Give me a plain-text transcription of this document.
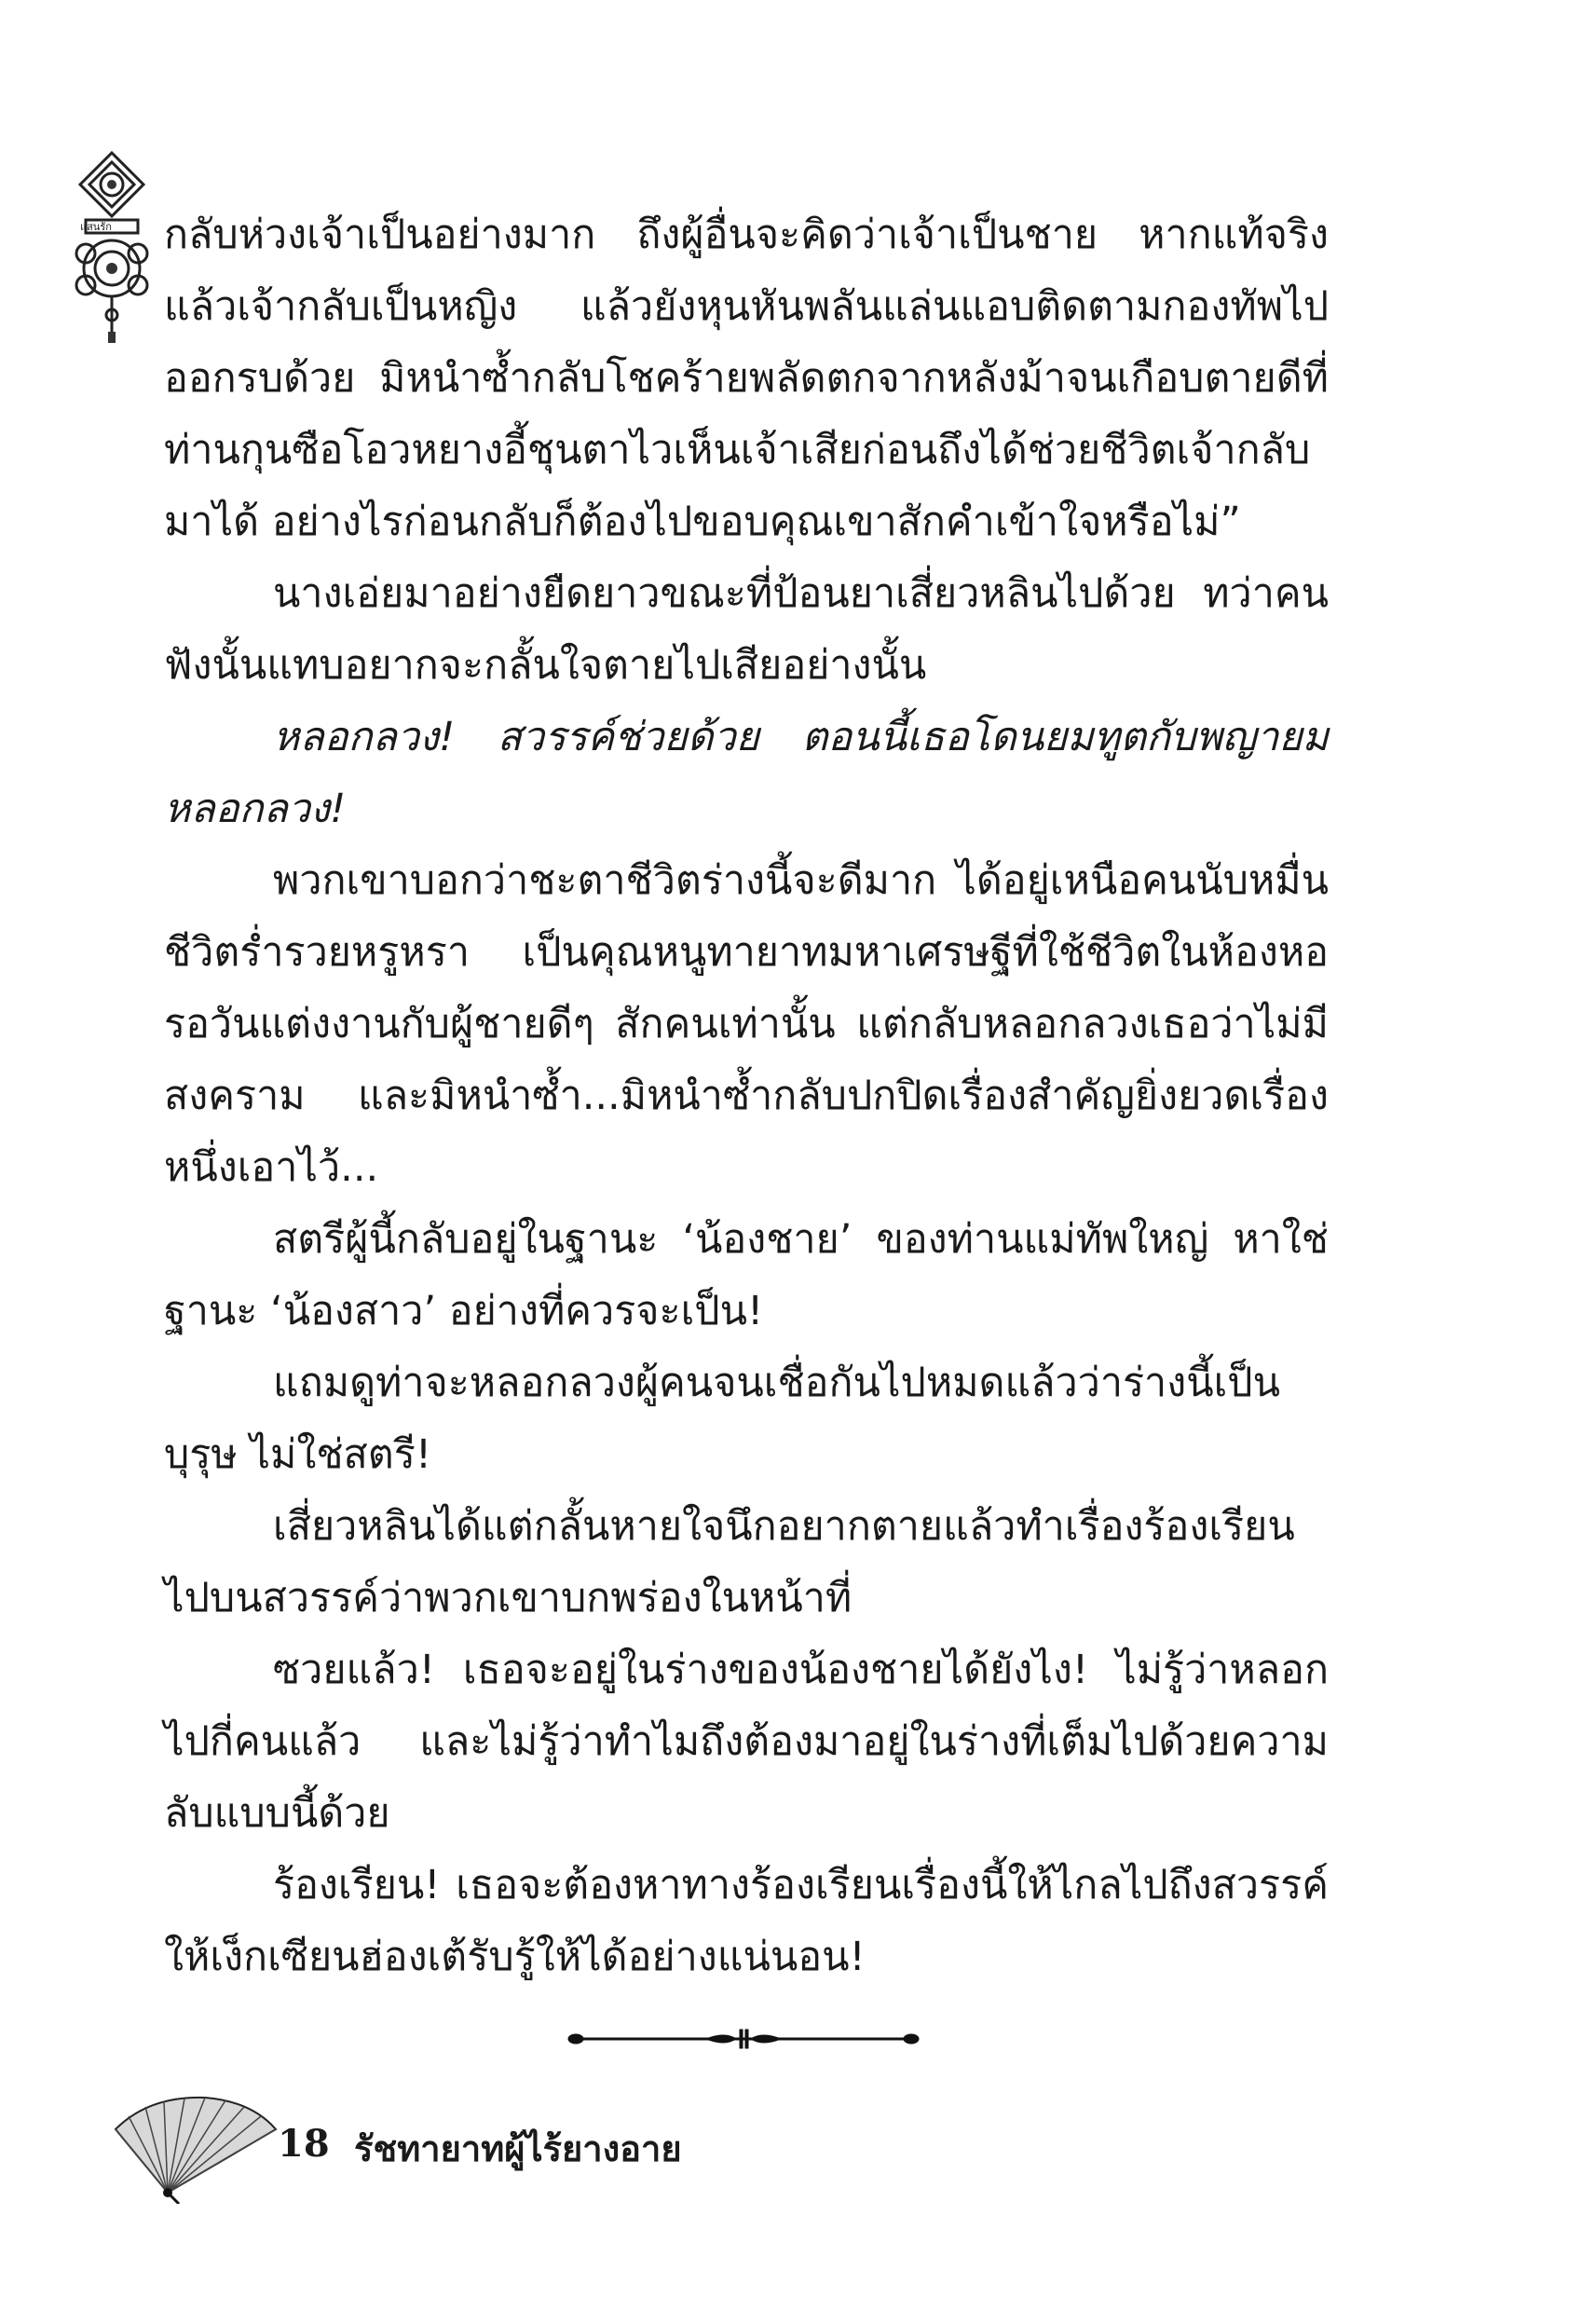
แสนรัก กลับห่วงเจ้าเป็นอย่างมาก ถึงผู้อื่นจะคิดว่าเจ้าเป็นชาย หากแท้จริงแล้วเจ้ากลับเป็นหญิง แล้วยังหุนหันพลันแล่นแอบติดตามกองทัพไปออกรบด้วย มิหนำซ้ำกลับโชคร้ายพลัดตกจากหลังม้าจนเกือบตายดีที่ท่านกุนซือโอวหยางอี้ชุนตาไวเห็นเจ้าเสียก่อนถึงได้ช่วยชีวิตเจ้ากลับมาได้ อย่างไรก่อนกลับก็ต้องไปขอบคุณเขาสักคำเข้าใจหรือไม่”

นางเอ่ยมาอย่างยืดยาวขณะที่ป้อนยาเสี่ยวหลินไปด้วย ทว่าคนฟังนั้นแทบอยากจะกลั้นใจตายไปเสียอย่างนั้น

หลอกลวง! สวรรค์ช่วยด้วย ตอนนี้เธอโดนยมทูตกับพญายมหลอกลวง!

พวกเขาบอกว่าชะตาชีวิตร่างนี้จะดีมาก ได้อยู่เหนือคนนับหมื่นชีวิตร่ำรวยหรูหรา เป็นคุณหนูทายาทมหาเศรษฐีที่ใช้ชีวิตในห้องหอรอวันแต่งงานกับผู้ชายดีๆ สักคนเท่านั้น แต่กลับหลอกลวงเธอว่าไม่มีสงคราม และมิหนำซ้ำ...มิหนำซ้ำกลับปกปิดเรื่องสำคัญยิ่งยวดเรื่องหนึ่งเอาไว้...

สตรีผู้นี้กลับอยู่ในฐานะ ‘น้องชาย’ ของท่านแม่ทัพใหญ่ หาใช่ฐานะ ‘น้องสาว’ อย่างที่ควรจะเป็น!

แถมดูท่าจะหลอกลวงผู้คนจนเชื่อกันไปหมดแล้วว่าร่างนี้เป็นบุรุษ ไม่ใช่สตรี!

เสี่ยวหลินได้แต่กลั้นหายใจนึกอยากตายแล้วทำเรื่องร้องเรียนไปบนสวรรค์ว่าพวกเขาบกพร่องในหน้าที่

ซวยแล้ว! เธอจะอยู่ในร่างของน้องชายได้ยังไง! ไม่รู้ว่าหลอกไปกี่คนแล้ว และไม่รู้ว่าทำไมถึงต้องมาอยู่ในร่างที่เต็มไปด้วยความลับแบบนี้ด้วย

ร้องเรียน! เธอจะต้องหาทางร้องเรียนเรื่องนี้ให้ไกลไปถึงสวรรค์ให้เง็กเซียนฮ่องเต้รับรู้ให้ได้อย่างแน่นอน!

18 รัชทายาทผู้ไร้ยางอาย
